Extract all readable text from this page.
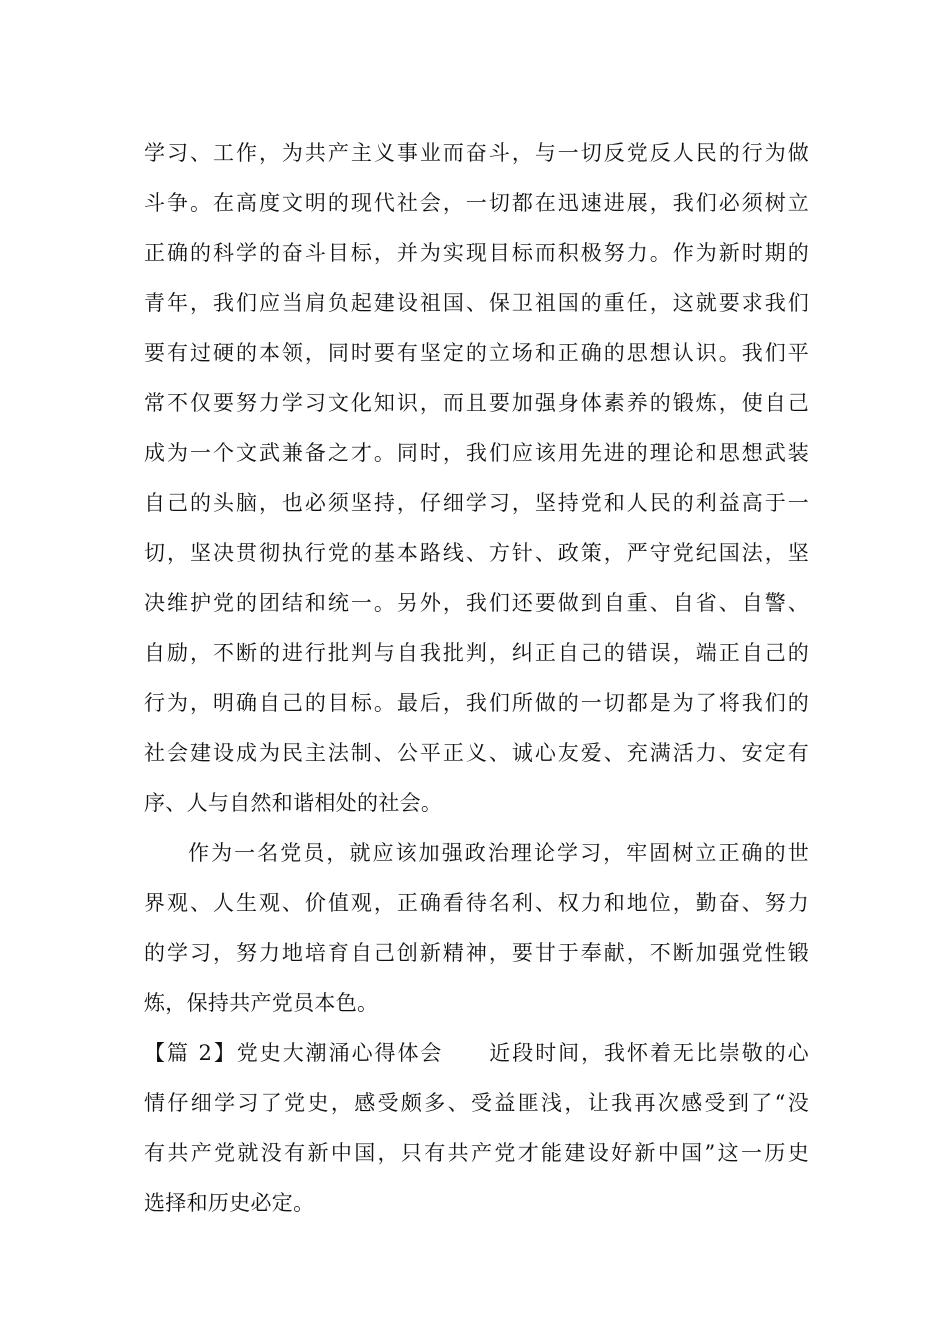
学习、工作，为共产主义事业而奋斗，与一切反党反人民的行为做
斗争。在高度文明的现代社会，一切都在迅速进展，我们必须树立
正确的科学的奋斗目标，并为实现目标而积极努力。作为新时期的
青年，我们应当肩负起建设祖国、保卫祖国的重任，这就要求我们
要有过硬的本领，同时要有坚定的立场和正确的思想认识。我们平
常不仅要努力学习文化知识，而且要加强身体素养的锻炼，使自己
成为一个文武兼备之才。同时，我们应该用先进的理论和思想武装
自己的头脑，也必须坚持，仔细学习，坚持党和人民的利益高于一
切，坚决贯彻执行党的基本路线、方针、政策，严守党纪国法，坚
决维护党的团结和统一。另外，我们还要做到自重、自省、自警、
自励，不断的进行批判与自我批判，纠正自己的错误，端正自己的
行为，明确自己的目标。最后，我们所做的一切都是为了将我们的
社会建设成为民主法制、公平正义、诚心友爱、充满活力、安定有
序、人与自然和谐相处的社会。
作为一名党员，就应该加强政治理论学习，牢固树立正确的世
界观、人生观、价值观，正确看待名利、权力和地位，勤奋、努力
的学习，努力地培育自己创新精神，要甘于奉献，不断加强党性锻
炼，保持共产党员本色。
【篇 2】党史大潮涌心得体会　　近段时间，我怀着无比崇敬的心
情仔细学习了党史，感受颇多、受益匪浅，让我再次感受到了“没
有共产党就没有新中国，只有共产党才能建设好新中国”这一历史
选择和历史必定。
